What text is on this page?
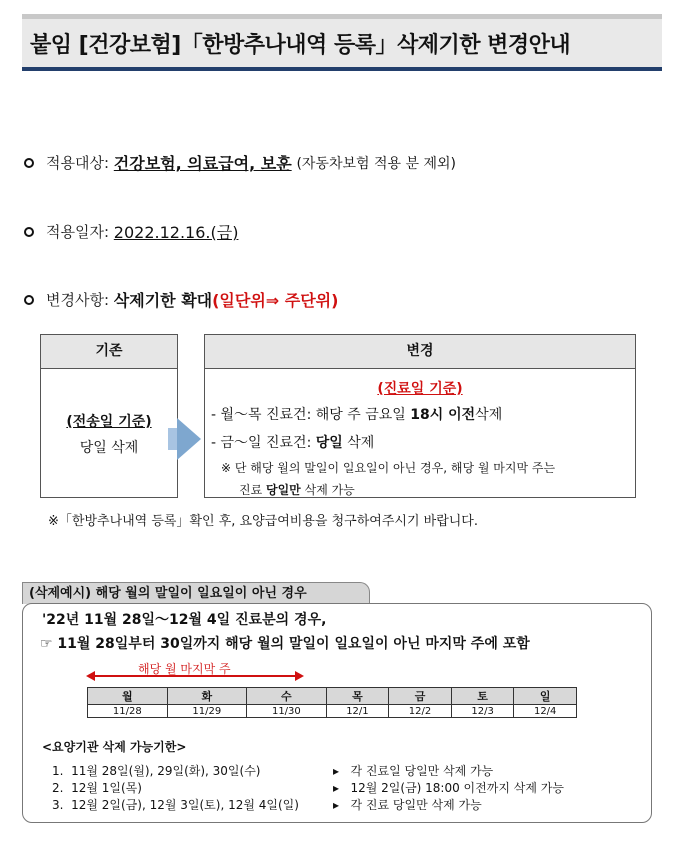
붙임 [건강보험]「한방추나내역 등록」삭제기한 변경안내
적용대상:
건강보험, 의료급여, 보훈
(자동차보험 적용 분 제외)
적용일자:
2022.12.16.(금)
변경사항:
삭제기한 확대 (일단위⇒ 주단위)
기존
(전송일 기준)
당일 삭제
변경
(진료일 기준)
- 월～목 진료건: 해당 주 금요일 18시 이전삭제
- 금～일 진료건: 당일 삭제
※ 단 해당 월의 말일이 일요일이 아닌 경우, 해당 월 마지막 주는
진료 당일만 삭제 가능
※「한방추나내역 등록」확인 후, 요양급여비용을 청구하여주시기 바랍니다.
(삭제예시) 해당 월의 말일이 일요일이 아닌 경우
'22년 11월 28일～12월 4일 진료분의 경우,
☞ 11월 28일부터 30일까지 해당 월의 말일이 일요일이 아닌 마지막 주에 포함
해당 월 마지막 주
월	화	수	목	금	토	일
11/28	11/29	11/30	12/1	12/2	12/3	12/4
<요양기관 삭제 가능기한>
1. 11월 28일(월), 29일(화), 30일(수)	▸ 각 진료일 당일만 삭제 가능
2. 12월 1일(목)	▸ 12월 2일(금) 18:00 이전까지 삭제 가능
3. 12월 2일(금), 12월 3일(토), 12월 4일(일)	▸ 각 진료 당일만 삭제 가능
